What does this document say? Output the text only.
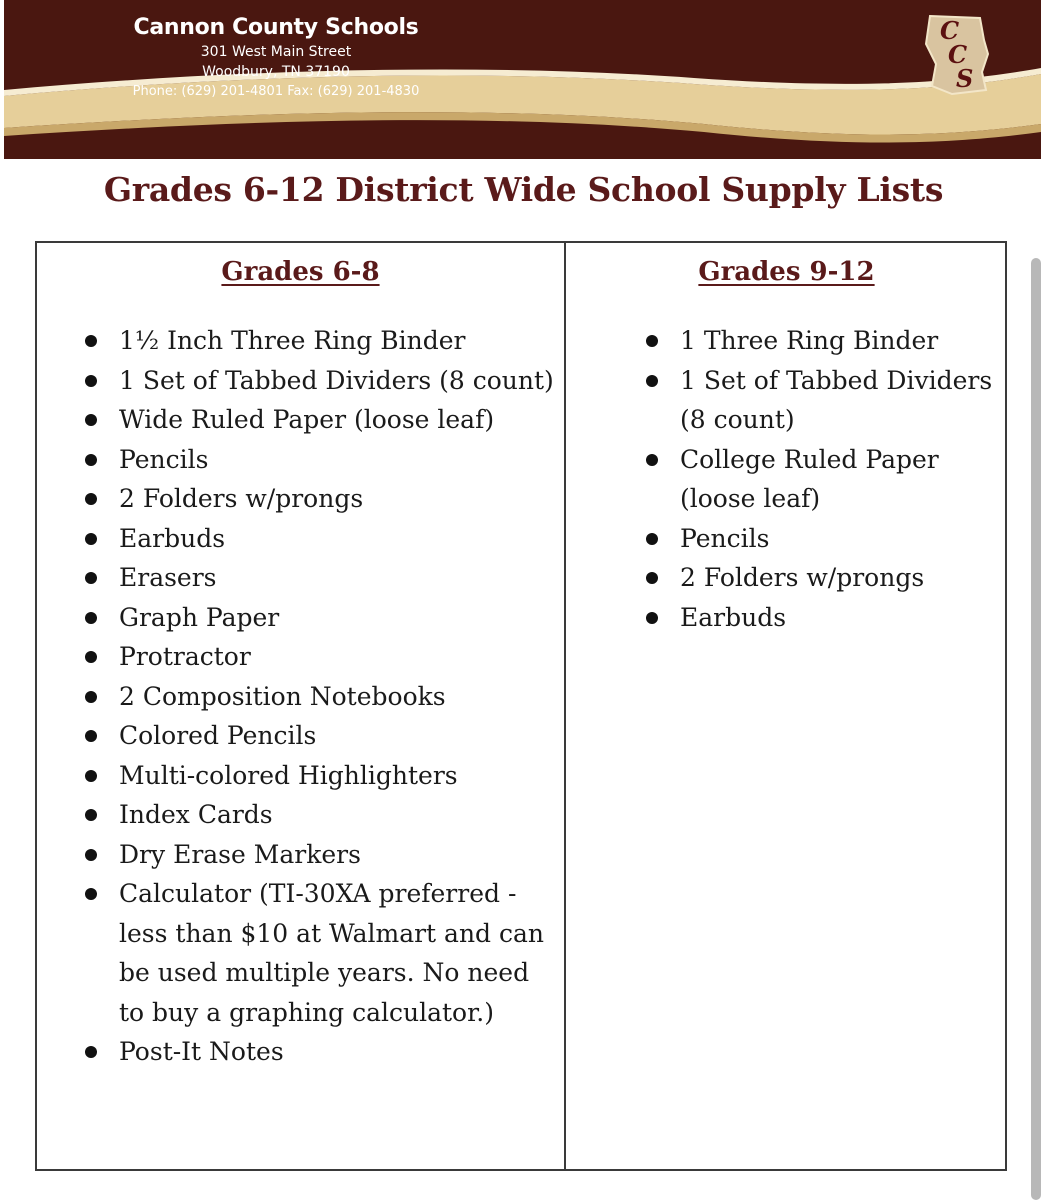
Cannon County Schools
301 West Main Street
Woodbury, TN 37190
Phone: (629) 201-4801 Fax: (629) 201-4830
C
C
S
Grades 6-12 District Wide School Supply Lists
Grades 6-8
1½ Inch Three Ring Binder
1 Set of Tabbed Dividers (8 count)
Wide Ruled Paper (loose leaf)
Pencils
2 Folders w/prongs
Earbuds
Erasers
Graph Paper
Protractor
2 Composition Notebooks
Colored Pencils
Multi-colored Highlighters
Index Cards
Dry Erase Markers
Calculator (TI-30XA preferred - less than $10 at Walmart and can be used multiple years. No need to buy a graphing calculator.)
Post-It Notes
Grades 9-12
1 Three Ring Binder
1 Set of Tabbed Dividers (8 count)
College Ruled Paper (loose leaf)
Pencils
2 Folders w/prongs
Earbuds
